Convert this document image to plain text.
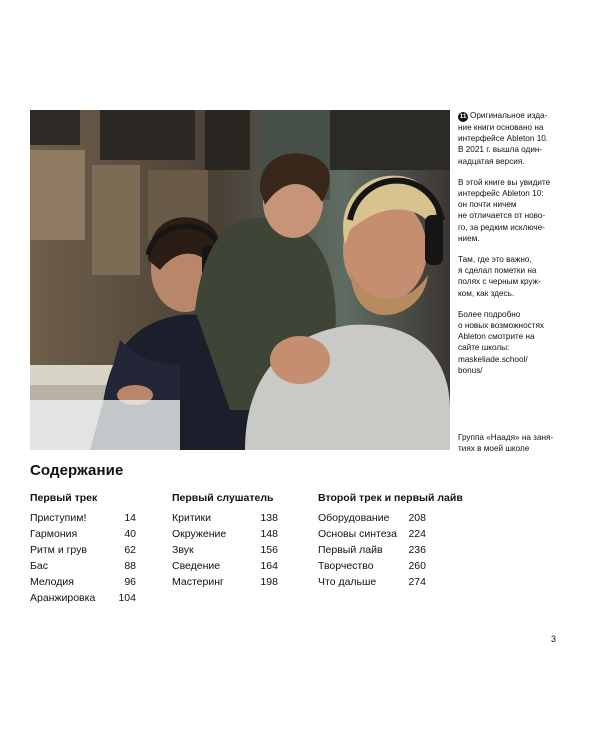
11 Оригинальное изда-
ние книги основано на
интерфейсе Ableton 10.
В 2021 г. вышла один-
надцатая версия.

В этой книге вы увидите
интерфейс Ableton 10:
он почти ничем
не отличается от ново-
го, за редким исключе-
нием.

Там, где это важно,
я сделал пометки на
полях с черным круж-
ком, как здесь.

Более подробно
о новых возможностях
Ableton смотрите на
сайте школы:
maskeliade.school/
bonus/

Группа «Наадя» на заня-
тиях в моей школе
Содержание
Первый трек
Приступим!	14
Гармония	40
Ритм и грув	62
Бас	88
Мелодия	96
Аранжировка 104
Первый слушатель
Критики	138
Окружение	148
Звук	156
Сведение	164
Мастеринг	198
Второй трек и первый лайв
Оборудование 208
Основы синтеза 224
Первый лайв 236
Творчество	260
Что дальше	274
3
